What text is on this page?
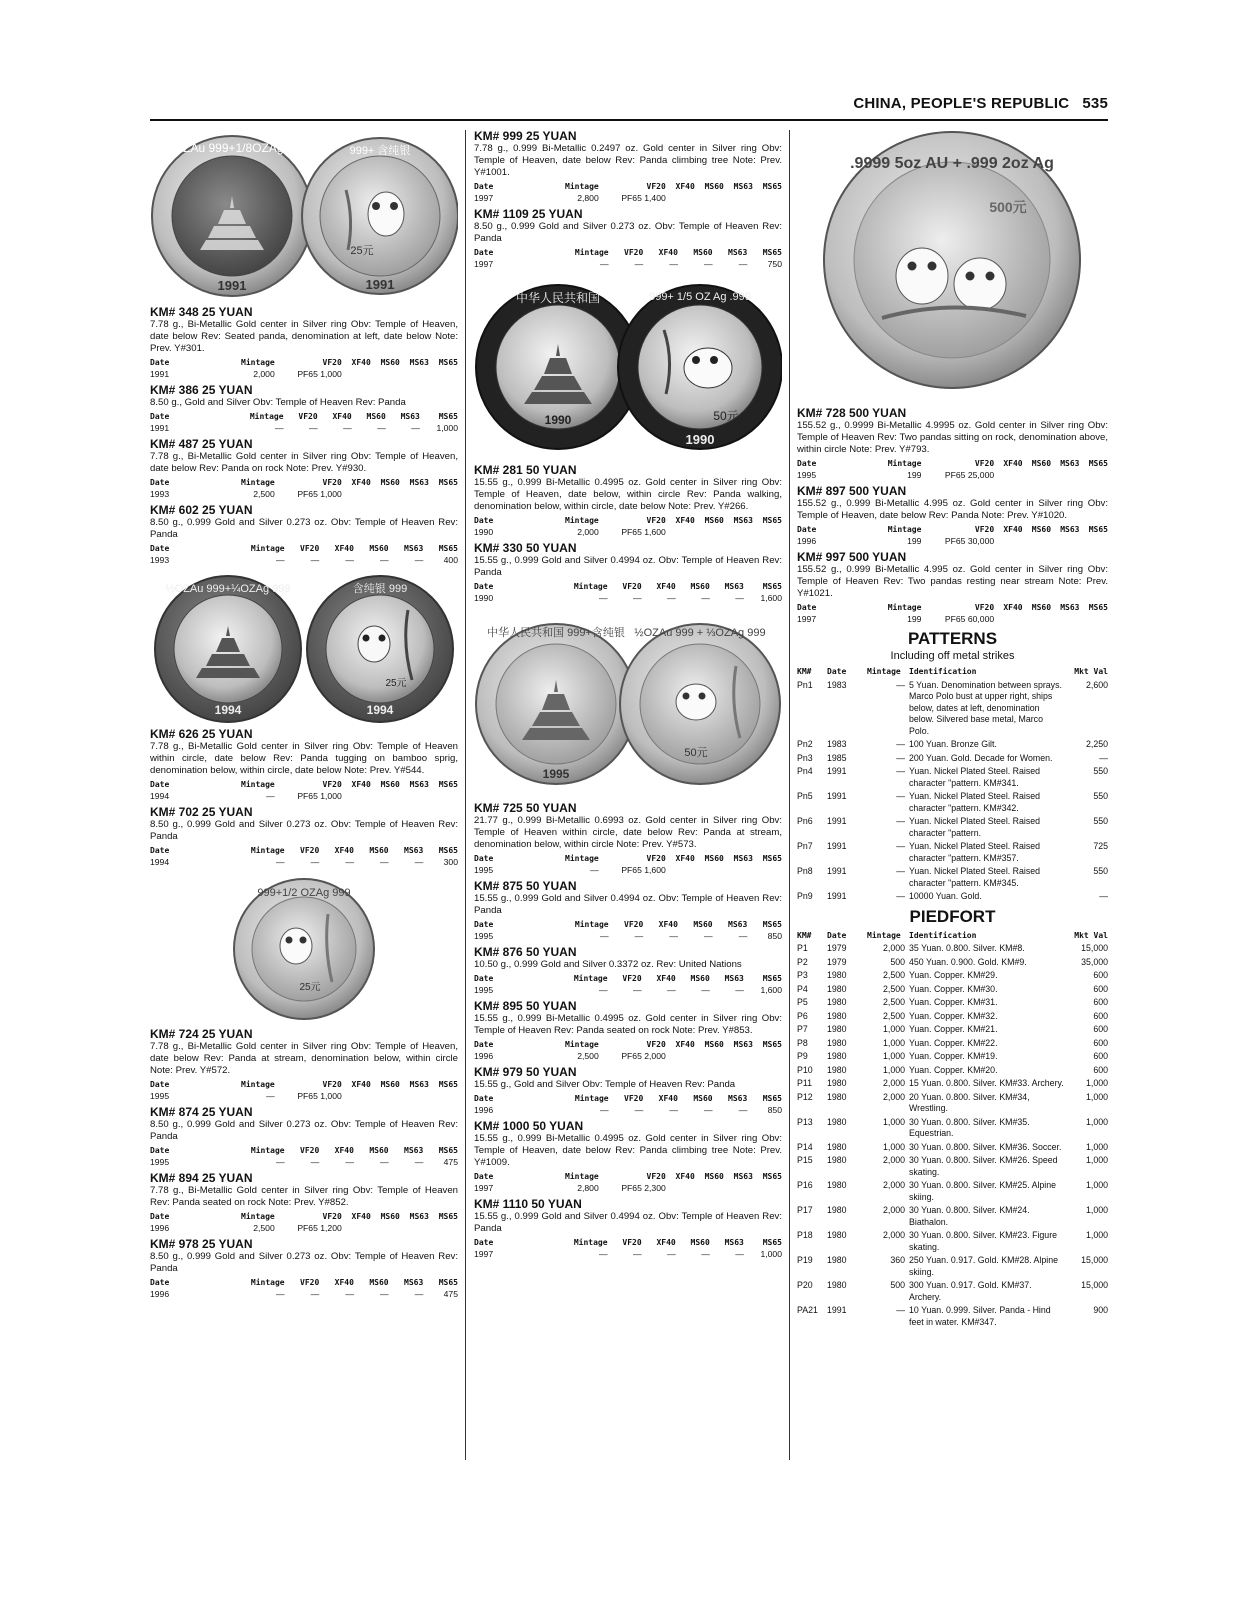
CHINA, PEOPLE'S REPUBLIC 535
1/4OZAu 999+1/8OZAg 999
1991
999+ 含纯银
25元
1991
KM# 348 25 YUAN
7.78 g., Bi-Metallic Gold center in Silver ring Obv: Temple of Heaven, date below Rev: Seated panda, denomination at left, date below Note: Prev. Y#301.
Date	Mintage	VF20	XF40	MS60	MS63	MS65
1991	2,000	PF65 1,000				
KM# 386 25 YUAN
8.50 g., Gold and Silver Obv: Temple of Heaven Rev: Panda
Date	Mintage	VF20	XF40	MS60	MS63	MS65
1991	—	—	—	—	—	1,000
KM# 487 25 YUAN
7.78 g., Bi-Metallic Gold center in Silver ring Obv: Temple of Heaven, date below Rev: Panda on rock Note: Prev. Y#930.
Date	Mintage	VF20	XF40	MS60	MS63	MS65
1993	2,500	PF65 1,000				
KM# 602 25 YUAN
8.50 g., 0.999 Gold and Silver 0.273 oz. Obv: Temple of Heaven Rev: Panda
Date	Mintage	VF20	XF40	MS60	MS63	MS65
1993	—	—	—	—	—	400
½OZAu 999+¼OZAg 999
1994
含纯银 999
25元
1994
KM# 626 25 YUAN
7.78 g., Bi-Metallic Gold center in Silver ring Obv: Temple of Heaven within circle, date below Rev: Panda tugging on bamboo sprig, denomination below, within circle, date below Note: Prev. Y#544.
Date	Mintage	VF20	XF40	MS60	MS63	MS65
1994	—	PF65 1,000				
KM# 702 25 YUAN
8.50 g., 0.999 Gold and Silver 0.273 oz. Obv: Temple of Heaven Rev: Panda
Date	Mintage	VF20	XF40	MS60	MS63	MS65
1994	—	—	—	—	—	300
999+1/2 OZAg 999
25元
KM# 724 25 YUAN
7.78 g., Bi-Metallic Gold center in Silver ring Obv: Temple of Heaven, date below Rev: Panda at stream, denomination below, within circle Note: Prev. Y#572.
Date	Mintage	VF20	XF40	MS60	MS63	MS65
1995	—	PF65 1,000				
KM# 874 25 YUAN
8.50 g., 0.999 Gold and Silver 0.273 oz. Obv: Temple of Heaven Rev: Panda
Date	Mintage	VF20	XF40	MS60	MS63	MS65
1995	—	—	—	—	—	475
KM# 894 25 YUAN
7.78 g., Bi-Metallic Gold center in Silver ring Obv: Temple of Heaven Rev: Panda seated on rock Note: Prev. Y#852.
Date	Mintage	VF20	XF40	MS60	MS63	MS65
1996	2,500	PF65 1,200				
KM# 978 25 YUAN
8.50 g., 0.999 Gold and Silver 0.273 oz. Obv: Temple of Heaven Rev: Panda
Date	Mintage	VF20	XF40	MS60	MS63	MS65
1996	—	—	—	—	—	475
KM# 999 25 YUAN
7.78 g., 0.999 Bi-Metallic 0.2497 oz. Gold center in Silver ring Obv: Temple of Heaven, date below Rev: Panda climbing tree Note: Prev. Y#1001.
Date	Mintage	VF20	XF40	MS60	MS63	MS65
1997	2,800	PF65 1,400				
KM# 1109 25 YUAN
8.50 g., 0.999 Gold and Silver 0.273 oz. Obv: Temple of Heaven Rev: Panda
Date	Mintage	VF20	XF40	MS60	MS63	MS65
1997	—	—	—	—	—	750
中华人民共和国
1990
999+ 1/5 OZ Ag .999
50元
1990
KM# 281 50 YUAN
15.55 g., 0.999 Bi-Metallic 0.4995 oz. Gold center in Silver ring Obv: Temple of Heaven, date below, within circle Rev: Panda walking, denomination below, within circle, date below Note: Prev. Y#266.
Date	Mintage	VF20	XF40	MS60	MS63	MS65
1990	2,000	PF65 1,600				
KM# 330 50 YUAN
15.55 g., 0.999 Gold and Silver 0.4994 oz. Obv: Temple of Heaven Rev: Panda
Date	Mintage	VF20	XF40	MS60	MS63	MS65
1990	—	—	—	—	—	1,600
中华人民共和国 999+含纯银
1995
½OZAu 999 + ⅓OZAg 999
50元
KM# 725 50 YUAN
21.77 g., 0.999 Bi-Metallic 0.6993 oz. Gold center in Silver ring Obv: Temple of Heaven within circle, date below Rev: Panda at stream, denomination below, within circle Note: Prev. Y#573.
Date	Mintage	VF20	XF40	MS60	MS63	MS65
1995	—	PF65 1,600				
KM# 875 50 YUAN
15.55 g., 0.999 Gold and Silver 0.4994 oz. Obv: Temple of Heaven Rev: Panda
Date	Mintage	VF20	XF40	MS60	MS63	MS65
1995	—	—	—	—	—	850
KM# 876 50 YUAN
10.50 g., 0.999 Gold and Silver 0.3372 oz. Rev: United Nations
Date	Mintage	VF20	XF40	MS60	MS63	MS65
1995	—	—	—	—	—	1,600
KM# 895 50 YUAN
15.55 g., 0.999 Bi-Metallic 0.4995 oz. Gold center in Silver ring Obv: Temple of Heaven Rev: Panda seated on rock Note: Prev. Y#853.
Date	Mintage	VF20	XF40	MS60	MS63	MS65
1996	2,500	PF65 2,000				
KM# 979 50 YUAN
15.55 g., Gold and Silver Obv: Temple of Heaven Rev: Panda
Date	Mintage	VF20	XF40	MS60	MS63	MS65
1996	—	—	—	—	—	850
KM# 1000 50 YUAN
15.55 g., 0.999 Bi-Metallic 0.4995 oz. Gold center in Silver ring Obv: Temple of Heaven, date below Rev: Panda climbing tree Note: Prev. Y#1009.
Date	Mintage	VF20	XF40	MS60	MS63	MS65
1997	2,800	PF65 2,300				
KM# 1110 50 YUAN
15.55 g., 0.999 Gold and Silver 0.4994 oz. Obv: Temple of Heaven Rev: Panda
Date	Mintage	VF20	XF40	MS60	MS63	MS65
1997	—	—	—	—	—	1,000
.9999 5oz AU + .999 2oz Ag
500元
KM# 728 500 YUAN
155.52 g., 0.9999 Bi-Metallic 4.9995 oz. Gold center in Silver ring Obv: Temple of Heaven Rev: Two pandas sitting on rock, denomination above, within circle Note: Prev. Y#793.
Date	Mintage	VF20	XF40	MS60	MS63	MS65
1995	199	PF65 25,000				
KM# 897 500 YUAN
155.52 g., 0.999 Bi-Metallic 4.995 oz. Gold center in Silver ring Obv: Temple of Heaven, date below Rev: Panda Note: Prev. Y#1020.
Date	Mintage	VF20	XF40	MS60	MS63	MS65
1996	199	PF65 30,000				
KM# 997 500 YUAN
155.52 g., 0.999 Bi-Metallic 4.995 oz. Gold center in Silver ring Obv: Temple of Heaven Rev: Two pandas resting near stream Note: Prev. Y#1021.
Date	Mintage	VF20	XF40	MS60	MS63	MS65
1997	199	PF65 60,000				
PATTERNS
Including off metal strikes
KM#	Date	Mintage	Identification	Mkt Val
Pn1	1983	—	5 Yuan. Denomination between sprays. Marco Polo bust at upper right, ships below, dates at left, denomination below. Silvered base metal, Marco Polo.	2,600
Pn2	1983	—	100 Yuan. Bronze Gilt.	2,250
Pn3	1985	—	200 Yuan. Gold. Decade for Women.	—
Pn4	1991	—	Yuan. Nickel Plated Steel. Raised character "pattern. KM#341.	550
Pn5	1991	—	Yuan. Nickel Plated Steel. Raised character "pattern. KM#342.	550
Pn6	1991	—	Yuan. Nickel Plated Steel. Raised character "pattern.	550
Pn7	1991	—	Yuan. Nickel Plated Steel. Raised character "pattern. KM#357.	725
Pn8	1991	—	Yuan. Nickel Plated Steel. Raised character "pattern. KM#345.	550
Pn9	1991	—	10000 Yuan. Gold.	—
PIEDFORT
KM#	Date	Mintage	Identification	Mkt Val
P1	1979	2,000	35 Yuan. 0.800. Silver. KM#8.	15,000
P2	1979	500	450 Yuan. 0.900. Gold. KM#9.	35,000
P3	1980	2,500	Yuan. Copper. KM#29.	600
P4	1980	2,500	Yuan. Copper. KM#30.	600
P5	1980	2,500	Yuan. Copper. KM#31.	600
P6	1980	2,500	Yuan. Copper. KM#32.	600
P7	1980	1,000	Yuan. Copper. KM#21.	600
P8	1980	1,000	Yuan. Copper. KM#22.	600
P9	1980	1,000	Yuan. Copper. KM#19.	600
P10	1980	1,000	Yuan. Copper. KM#20.	600
P11	1980	2,000	15 Yuan. 0.800. Silver. KM#33. Archery.	1,000
P12	1980	2,000	20 Yuan. 0.800. Silver. KM#34, Wrestling.	1,000
P13	1980	1,000	30 Yuan. 0.800. Silver. KM#35. Equestrian.	1,000
P14	1980	1,000	30 Yuan. 0.800. Silver. KM#36. Soccer.	1,000
P15	1980	2,000	30 Yuan. 0.800. Silver. KM#26. Speed skating.	1,000
P16	1980	2,000	30 Yuan. 0.800. Silver. KM#25. Alpine skiing.	1,000
P17	1980	2,000	30 Yuan. 0.800. Silver. KM#24. Biathalon.	1,000
P18	1980	2,000	30 Yuan. 0.800. Silver. KM#23. Figure skating.	1,000
P19	1980	360	250 Yuan. 0.917. Gold. KM#28. Alpine skiing.	15,000
P20	1980	500	300 Yuan. 0.917. Gold. KM#37. Archery.	15,000
PA21	1991	—	10 Yuan. 0.999. Silver. Panda - Hind feet in water. KM#347.	900
